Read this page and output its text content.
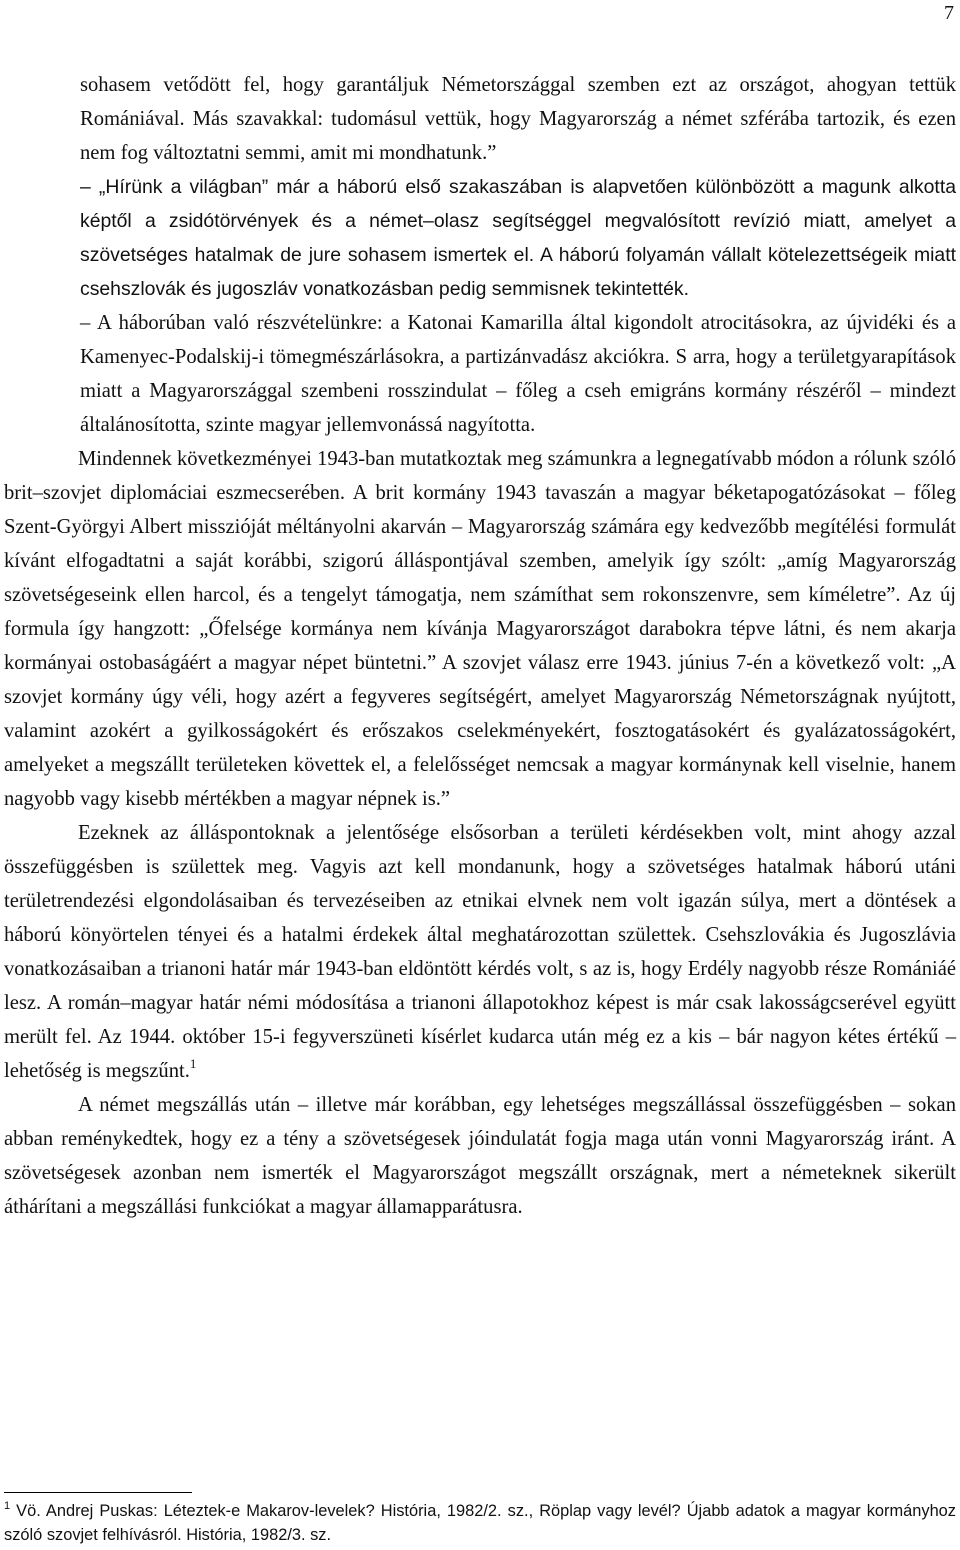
7

sohasem vetődött fel, hogy garantáljuk Németországgal szemben ezt az országot, ahogyan tettük Romániával. Más szavakkal: tudomásul vettük, hogy Magyarország a német szférába tartozik, és ezen nem fog változtatni semmi, amit mi mondhatunk.”

– „Hírünk a világban” már a háború első szakaszában is alapvetően különbözött a magunk alkotta képtől a zsidótörvények és a német–olasz segítséggel megvalósított revízió miatt, amelyet a szövetséges hatalmak de jure sohasem ismertek el. A háború folyamán vállalt kötelezettségeik miatt csehszlovák és jugoszláv vonatkozásban pedig semmisnek tekintették.

– A háborúban való részvételünkre: a Katonai Kamarilla által kigondolt atrocitásokra, az újvidéki és a Kamenyec-Podalskij-i tömegmészárlásokra, a partizánvadász akciókra. S arra, hogy a területgyarapítások miatt a Magyarországgal szembeni rosszindulat – főleg a cseh emigráns kormány részéről – mindezt általánosította, szinte magyar jellemvonássá nagyította.

Mindennek következményei 1943-ban mutatkoztak meg számunkra a legnegatívabb módon a rólunk szóló brit–szovjet diplomáciai eszmecserében. A brit kormány 1943 tavaszán a magyar béketapogatózásokat – főleg Szent-Györgyi Albert misszióját méltányolni akarván – Magyarország számára egy kedvezőbb megítélési formulát kívánt elfogadtatni a saját korábbi, szigorú álláspontjával szemben, amelyik így szólt: „amíg Magyarország szövetségeseink ellen harcol, és a tengelyt támogatja, nem számíthat sem rokonszenvre, sem kíméletre”. Az új formula így hangzott: „Őfelsége kormánya nem kívánja Magyarországot darabokra tépve látni, és nem akarja kormányai ostobaságáért a magyar népet büntetni.” A szovjet válasz erre 1943. június 7-én a következő volt: „A szovjet kormány úgy véli, hogy azért a fegyveres segítségért, amelyet Magyarország Németországnak nyújtott, valamint azokért a gyilkosságokért és erőszakos cselekményekért, fosztogatásokért és gyalázatosságokért, amelyeket a megszállt területeken követtek el, a felelősséget nemcsak a magyar kormánynak kell viselnie, hanem nagyobb vagy kisebb mértékben a magyar népnek is.”

Ezeknek az álláspontoknak a jelentősége elsősorban a területi kérdésekben volt, mint ahogy azzal összefüggésben is születtek meg. Vagyis azt kell mondanunk, hogy a szövetséges hatalmak háború utáni területrendezési elgondolásaiban és tervezéseiben az etnikai elvnek nem volt igazán súlya, mert a döntések a háború könyörtelen tényei és a hatalmi érdekek által meghatározottan születtek. Csehszlovákia és Jugoszlávia vonatkozásaiban a trianoni határ már 1943-ban eldöntött kérdés volt, s az is, hogy Erdély nagyobb része Romániáé lesz. A román–magyar határ némi módosítása a trianoni állapotokhoz képest is már csak lakosságcserével együtt merült fel. Az 1944. október 15-i fegyverszüneti kísérlet kudarca után még ez a kis – bár nagyon kétes értékű – lehetőség is megszűnt.$^1$

A német megszállás után – illetve már korábban, egy lehetséges megszállással összefüggésben – sokan abban reménykedtek, hogy ez a tény a szövetségesek jóindulatát fogja maga után vonni Magyarország iránt. A szövetségesek azonban nem ismerték el Magyarországot megszállt országnak, mert a németeknek sikerült áthárítani a megszállási funkciókat a magyar államapparátusra.

$^1$ Vö. Andrej Puskas: Léteztek-e Makarov-levelek? História, 1982/2. sz., Röplap vagy levél? Újabb adatok a magyar kormányhoz szóló szovjet felhívásról. História, 1982/3. sz.
